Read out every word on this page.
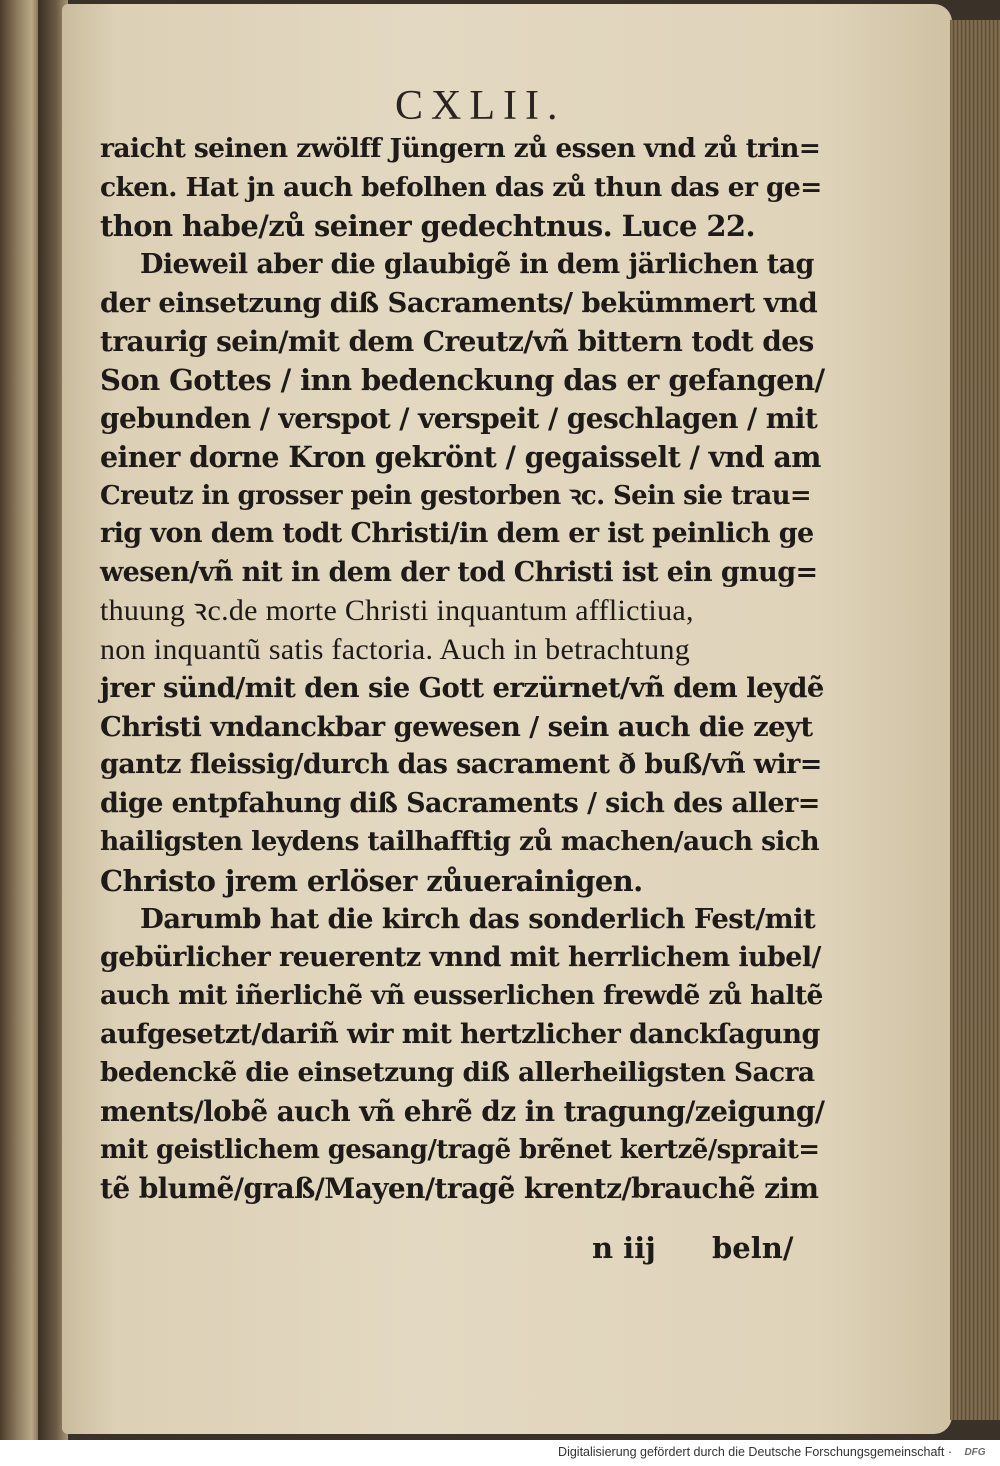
CXLII.
raicht seinen zwölff Jüngern zů essen vnd zů trin=
cken. Hat jn auch befolhen das zů thun das er ge=
thon habe/zů seiner gedechtnus. Luce 22.
Dieweil aber die glaubigẽ in dem järlichen tag
der einsetzung diß Sacraments/ bekümmert vnd
traurig sein/mit dem Creutz/vñ bittern todt des
Son Gottes / inn bedenckung das er gefangen/
gebunden / verspot / verspeit / geschlagen / mit
einer dorne Kron gekrönt / gegaisselt / vnd am
Creutz in grosser pein gestorben ꝛc. Sein sie trau=
rig von dem todt Christi/in dem er ist peinlich ge
wesen/vñ nit in dem der tod Christi ist ein gnug=
thuung ꝛc.de morte Christi inquantum afflictiua,
non inquantũ satis factoria. Auch in betrachtung
jrer sünd/mit den sie Gott erzürnet/vñ dem leydẽ
Christi vndanckbar gewesen / sein auch die zeyt
gantz fleissig/durch das sacrament ð buß/vñ wir=
dige entpfahung diß Sacraments / sich des aller=
hailigsten leydens tailhafftig zů machen/auch sich
Christo jrem erlöser zůuerainigen.
Darumb hat die kirch das sonderlich Fest/mit
gebürlicher reuerentz vnnd mit herrlichem iubel/
auch mit iñerlichẽ vñ eusserlichen frewdẽ zů haltẽ
aufgesetzt/dariñ wir mit hertzlicher danckſagung
bedenckẽ die einsetzung diß allerheiligsten Sacra
ments/lobẽ auch vñ ehrẽ dz in tragung/zeigung/
mit geistlichem gesang/tragẽ brẽnet kertzẽ/sprait=
tẽ blumẽ/graß/Mayen/tragẽ krentz/brauchẽ zim
n iij beln/
Digitalisierung gefördert durch die Deutsche Forschungsgemeinschaft ·	DFG
